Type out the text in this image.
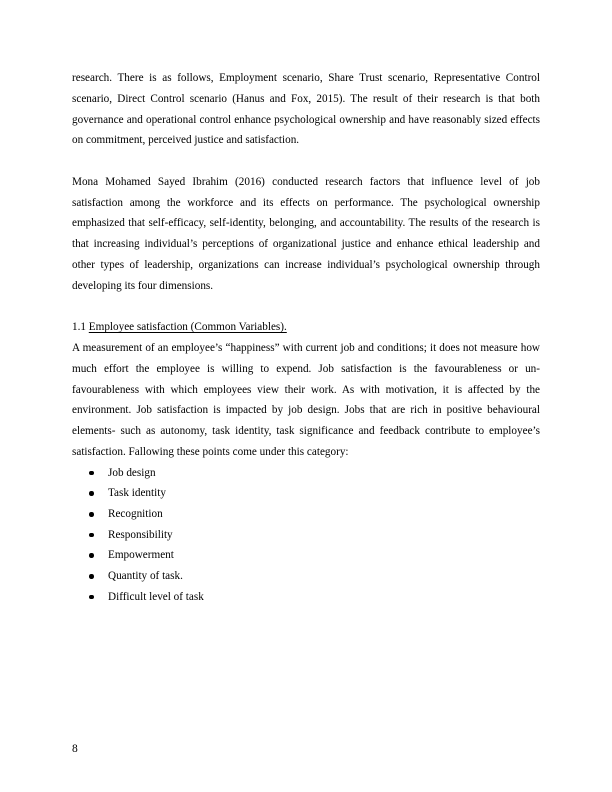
research. There is as follows, Employment scenario, Share Trust scenario, Representative Control scenario, Direct Control scenario (Hanus and Fox, 2015). The result of their research is that both governance and operational control enhance psychological ownership and have reasonably sized effects on commitment, perceived justice and satisfaction.

Mona Mohamed Sayed Ibrahim (2016) conducted research factors that influence level of job satisfaction among the workforce and its effects on performance. The psychological ownership emphasized that self-efficacy, self-identity, belonging, and accountability. The results of the research is that increasing individual’s perceptions of organizational justice and enhance ethical leadership and other types of leadership, organizations can increase individual’s psychological ownership through developing its four dimensions.

1.1 Employee satisfaction (Common Variables).

A measurement of an employee’s “happiness” with current job and conditions; it does not measure how much effort the employee is willing to expend. Job satisfaction is the favourableness or un-favourableness with which employees view their work. As with motivation, it is affected by the environment. Job satisfaction is impacted by job design. Jobs that are rich in positive behavioural elements- such as autonomy, task identity, task significance and feedback contribute to employee’s satisfaction. Fallowing these points come under this category:

Job design
Task identity
Recognition
Responsibility
Empowerment
Quantity of task.
Difficult level of task
8
